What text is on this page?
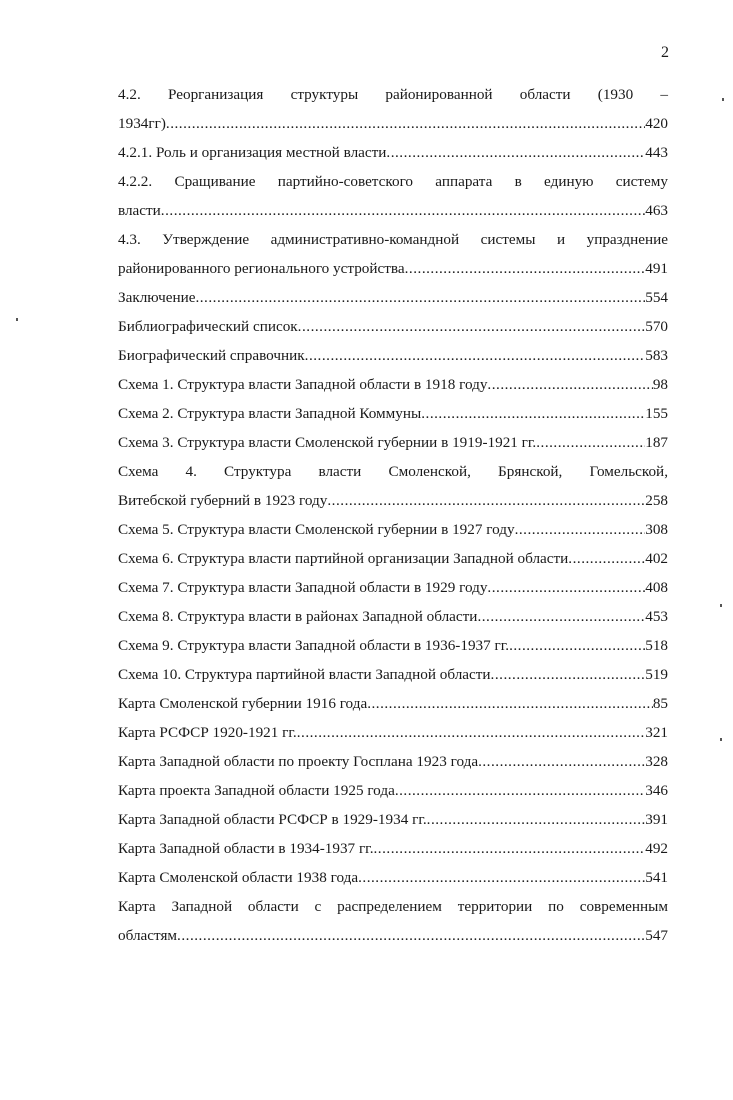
2
4.2. Реорганизация структуры районированной области (1930 –
1934гг) .....	420
4.2.1. Роль и организация местной власти .....	443
4.2.2. Сращивание партийно-советского аппарата в единую систему
власти .....	463
4.3. Утверждение административно-командной системы и упразднение
районированного регионального устройства .....	491
Заключение .....	554
Библиографический список .....	570
Биографический справочник .....	583
Схема 1. Структура власти Западной области в 1918 году .....	98
Схема 2. Структура власти Западной Коммуны .....	155
Схема 3. Структура власти Смоленской губернии в 1919-1921 гг. .....	187
Схема 4. Структура власти Смоленской, Брянской, Гомельской,
Витебской губерний в 1923 году .....	258
Схема 5. Структура власти Смоленской губернии в 1927 году .....	308
Схема 6. Структура власти партийной организации Западной области .....	402
Схема 7. Структура власти Западной области в 1929 году .....	408
Схема 8. Структура власти в районах Западной области .....	453
Схема 9. Структура власти Западной области в 1936-1937 гг. .....	518
Схема 10. Структура партийной власти Западной области .....	519
Карта Смоленской губернии 1916 года .....	85
Карта РСФСР 1920-1921 гг. .....	321
Карта Западной области по проекту Госплана 1923 года .....	328
Карта проекта Западной области 1925 года .....	346
Карта Западной области РСФСР в 1929-1934 гг. .....	391
Карта Западной области в 1934-1937 гг. .....	492
Карта Смоленской области 1938 года .....	541
Карта Западной области с распределением территории по современным
областям .....	547
